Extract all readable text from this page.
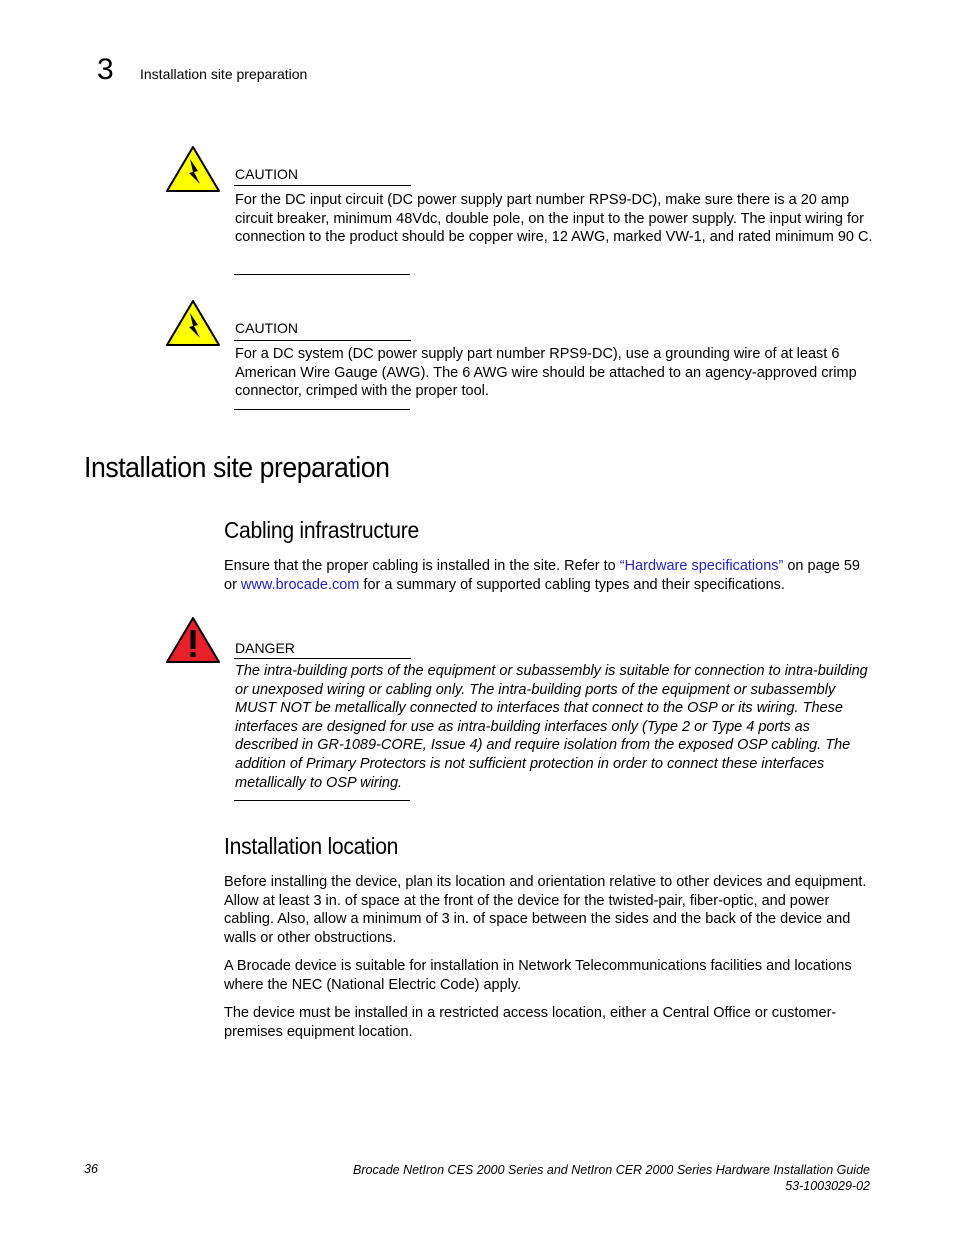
3 Installation site preparation
CAUTION
For the DC input circuit (DC power supply part number RPS9-DC), make sure there is a 20 amp circuit breaker, minimum 48Vdc, double pole, on the input to the power supply. The input wiring for connection to the product should be copper wire, 12 AWG, marked VW-1, and rated minimum 90 C.
CAUTION
For a DC system (DC power supply part number RPS9-DC), use a grounding wire of at least 6 American Wire Gauge (AWG). The 6 AWG wire should be attached to an agency-approved crimp connector, crimped with the proper tool.
Installation site preparation
Cabling infrastructure
Ensure that the proper cabling is installed in the site. Refer to “Hardware specifications” on page 59 or www.brocade.com for a summary of supported cabling types and their specifications.
DANGER
The intra-building ports of the equipment or subassembly is suitable for connection to intra-building or unexposed wiring or cabling only. The intra-building ports of the equipment or subassembly MUST NOT be metallically connected to interfaces that connect to the OSP or its wiring. These interfaces are designed for use as intra-building interfaces only (Type 2 or Type 4 ports as described in GR-1089-CORE, Issue 4) and require isolation from the exposed OSP cabling. The addition of Primary Protectors is not sufficient protection in order to connect these interfaces metallically to OSP wiring.
Installation location
Before installing the device, plan its location and orientation relative to other devices and equipment. Allow at least 3 in. of space at the front of the device for the twisted-pair, fiber-optic, and power cabling. Also, allow a minimum of 3 in. of space between the sides and the back of the device and walls or other obstructions.
A Brocade device is suitable for installation in Network Telecommunications facilities and locations where the NEC (National Electric Code) apply.
The device must be installed in a restricted access location, either a Central Office or customer-premises equipment location.
36	Brocade NetIron CES 2000 Series and NetIron CER 2000 Series Hardware Installation Guide
53-1003029-02
